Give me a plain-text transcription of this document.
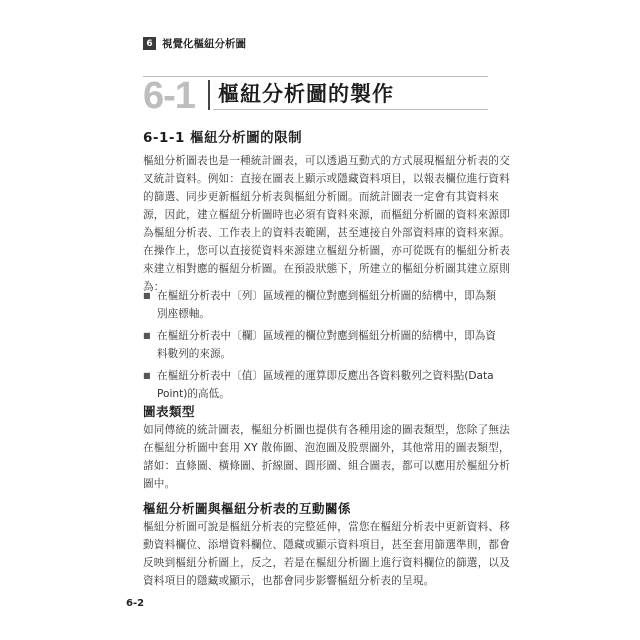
6 視覺化樞紐分析圖
6-1 樞紐分析圖的製作
6-1-1 樞紐分析圖的限制
樞紐分析圖表也是一種統計圖表，可以透過互動式的方式展現樞紐分析表的交
叉統計資料。例如：直接在圖表上顯示或隱藏資料項目，以報表欄位進行資料
的篩選、同步更新樞紐分析表與樞紐分析圖。而統計圖表一定會有其資料來
源，因此，建立樞紐分析圖時也必須有資料來源，而樞紐分析圖的資料來源即
為樞紐分析表、工作表上的資料表範圍，甚至連接自外部資料庫的資料來源。
在操作上，您可以直接從資料來源建立樞紐分析圖，亦可從既有的樞紐分析表
來建立相對應的樞紐分析圖。在預設狀態下，所建立的樞紐分析圖其建立原則
為：
■ 在樞紐分析表中〔列〕區域裡的欄位對應到樞紐分析圖的結構中，即為類
別座標軸。
■ 在樞紐分析表中〔欄〕區域裡的欄位對應到樞紐分析圖的結構中，即為資
料數列的來源。
■ 在樞紐分析表中〔值〕區域裡的運算即反應出各資料數列之資料點(Data
Point)的高低。
圖表類型
如同傳統的統計圖表，樞紐分析圖也提供有各種用途的圖表類型，您除了無法
在樞紐分析圖中套用 XY 散佈圖、泡泡圖及股票圖外，其他常用的圖表類型，
諸如：直條圖、橫條圖、折線圖、圓形圖、組合圖表，都可以應用於樞紐分析
圖中。
樞紐分析圖與樞紐分析表的互動關係
樞紐分析圖可說是樞紐分析表的完整延伸，當您在樞紐分析表中更新資料、移
動資料欄位、添增資料欄位、隱藏或顯示資料項目，甚至套用篩選準則，都會
反映到樞紐分析圖上，反之，若是在樞紐分析圖上進行資料欄位的篩選，以及
資料項目的隱藏或顯示，也都會同步影響樞紐分析表的呈現。
6-2
